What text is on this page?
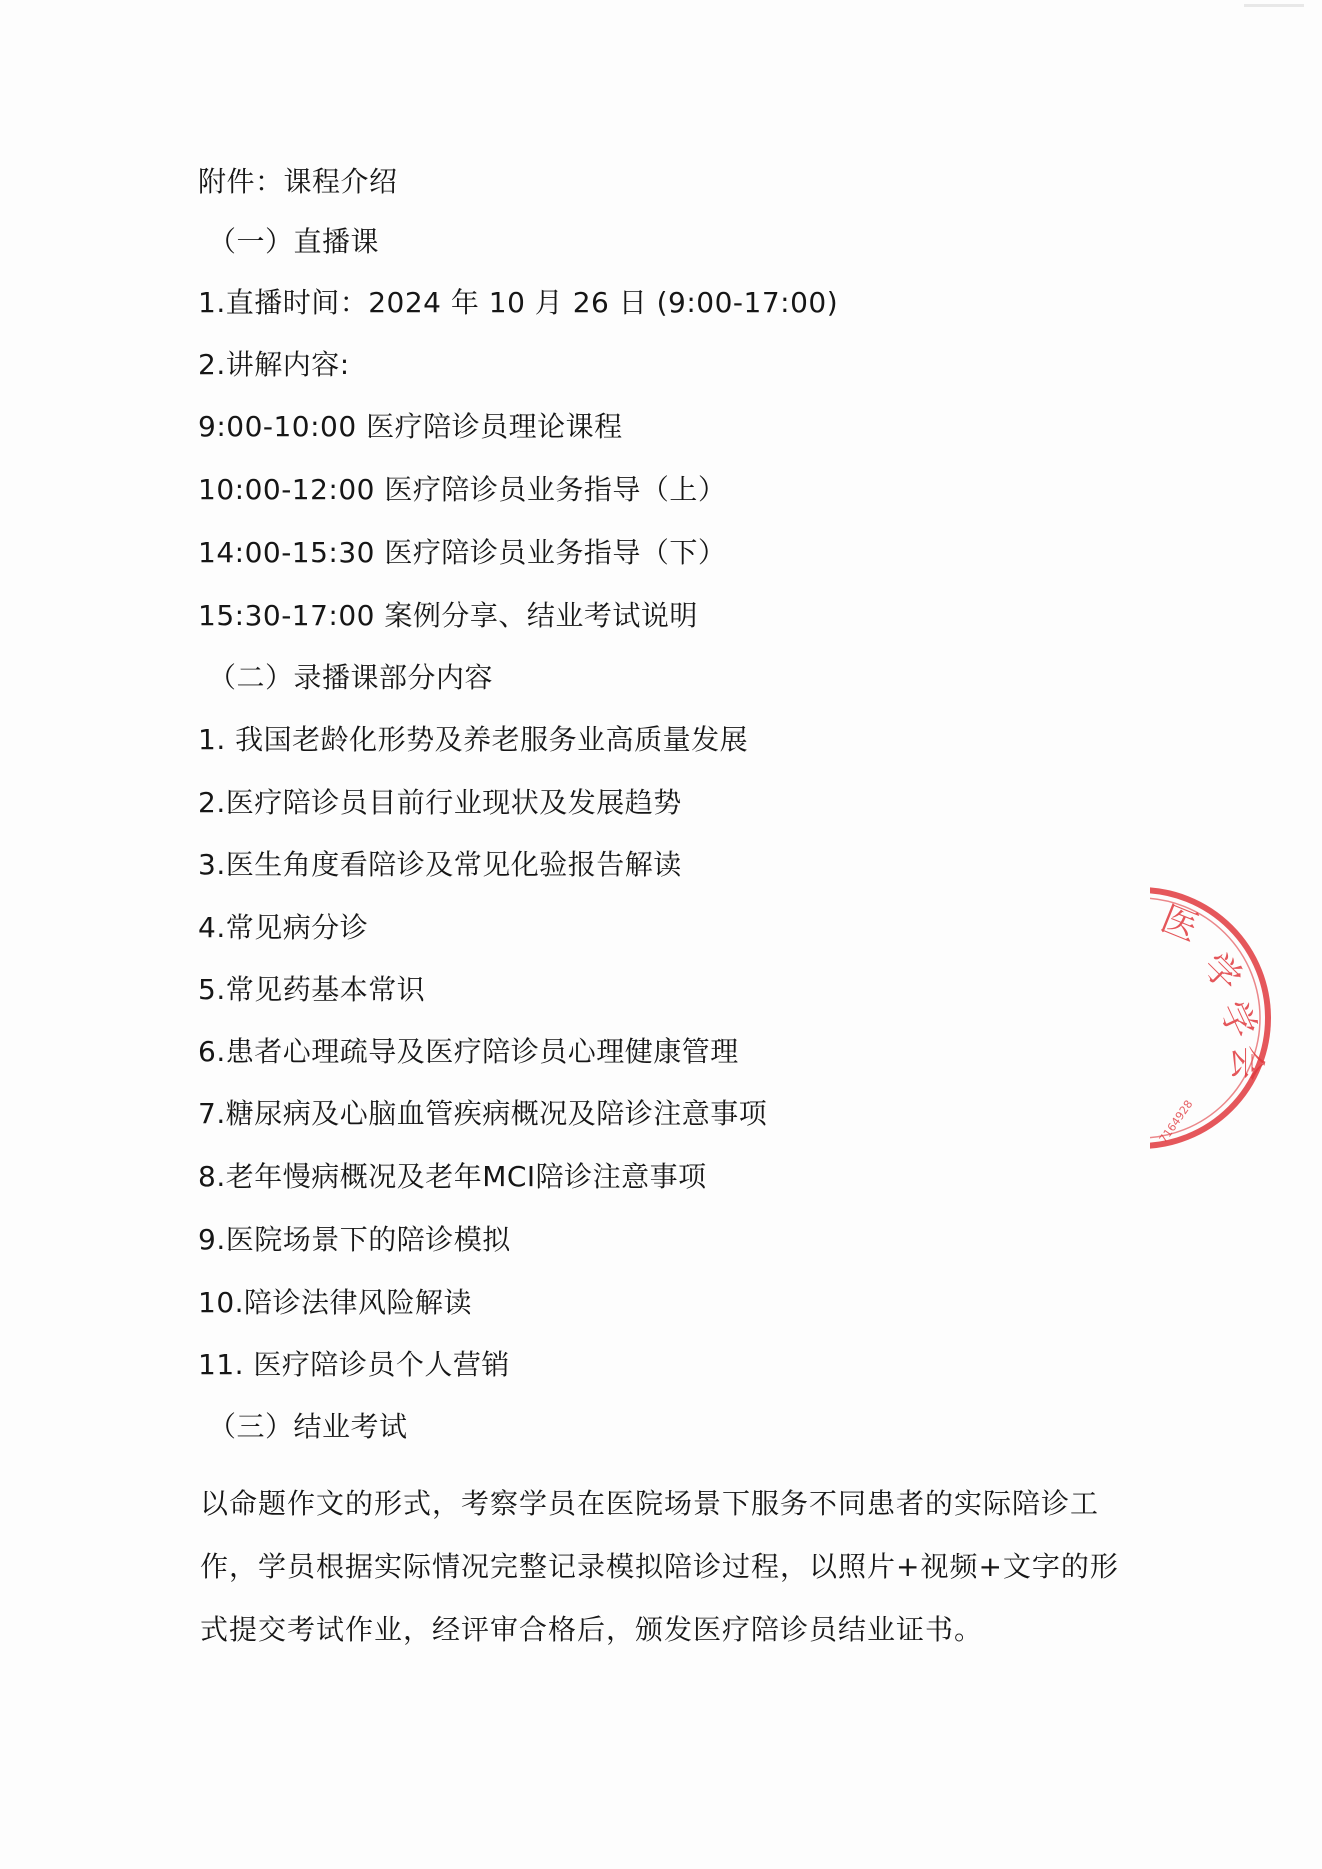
附件：课程介绍
（一）直播课
1.直播时间：2024 年 10 月 26 日 (9:00-17:00)
2.讲解内容:
9:00-10:00 医疗陪诊员理论课程
10:00-12:00 医疗陪诊员业务指导（上）
14:00-15:30 医疗陪诊员业务指导（下）
15:30-17:00 案例分享、结业考试说明
（二）录播课部分内容
1. 我国老龄化形势及养老服务业高质量发展
2.医疗陪诊员目前行业现状及发展趋势
3.医生角度看陪诊及常见化验报告解读
4.常见病分诊
5.常见药基本常识
6.患者心理疏导及医疗陪诊员心理健康管理
7.糖尿病及心脑血管疾病概况及陪诊注意事项
8.老年慢病概况及老年MCI陪诊注意事项
9.医院场景下的陪诊模拟
10.陪诊法律风险解读
11. 医疗陪诊员个人营销
（三）结业考试
以命题作文的形式，考察学员在医院场景下服务不同患者的实际陪诊工作，学员根据实际情况完整记录模拟陪诊过程，以照片+视频+文字的形式提交考试作业，经评审合格后，颁发医疗陪诊员结业证书。
医
学
学
会
7164928
